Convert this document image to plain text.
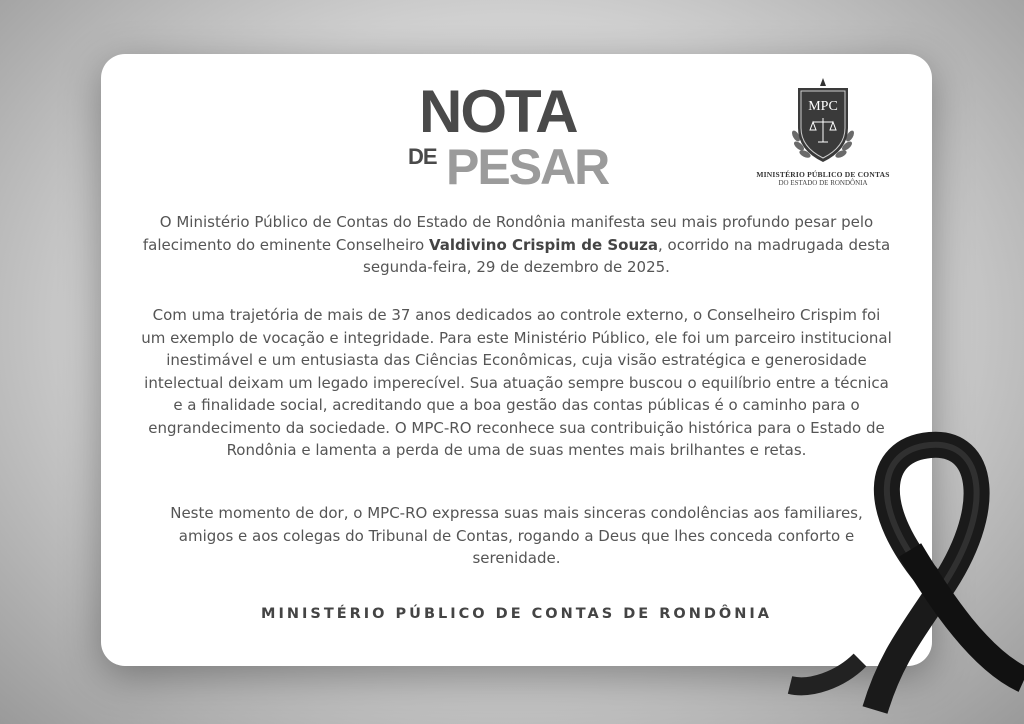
NOTA
DE PESAR
MPC
MINISTÉRIO PÚBLICO DE CONTAS
DO ESTADO DE RONDÔNIA

O Ministério Público de Contas do Estado de Rondônia manifesta seu mais profundo pesar pelo falecimento do eminente Conselheiro Valdivino Crispim de Souza, ocorrido na madrugada desta segunda-feira, 29 de dezembro de 2025.

Com uma trajetória de mais de 37 anos dedicados ao controle externo, o Conselheiro Crispim foi um exemplo de vocação e integridade. Para este Ministério Público, ele foi um parceiro institucional inestimável e um entusiasta das Ciências Econômicas, cuja visão estratégica e generosidade intelectual deixam um legado imperecível. Sua atuação sempre buscou o equilíbrio entre a técnica e a finalidade social, acreditando que a boa gestão das contas públicas é o caminho para o engrandecimento da sociedade. O MPC-RO reconhece sua contribuição histórica para o Estado de Rondônia e lamenta a perda de uma de suas mentes mais brilhantes e retas.

Neste momento de dor, o MPC-RO expressa suas mais sinceras condolências aos familiares, amigos e aos colegas do Tribunal de Contas, rogando a Deus que lhes conceda conforto e serenidade.

MINISTÉRIO PÚBLICO DE CONTAS DE RONDÔNIA
